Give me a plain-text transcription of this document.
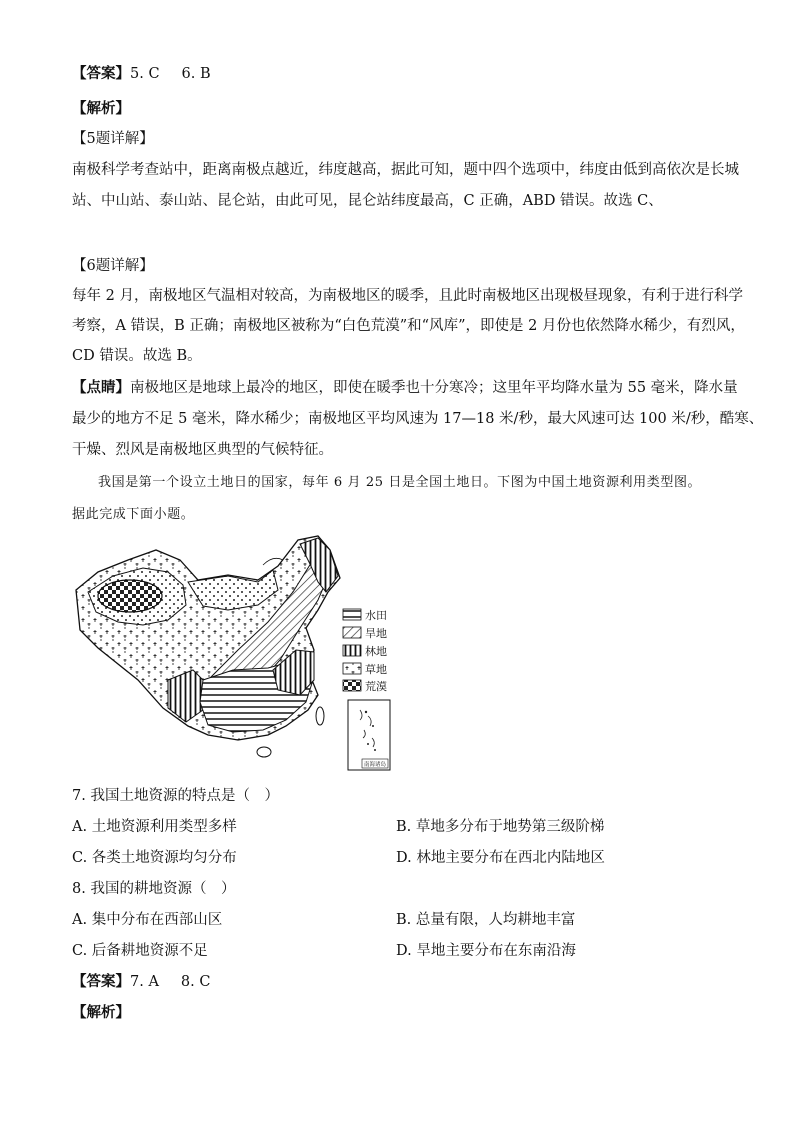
【 答案 】 5. C 6. B
【 解析 】
【 5题详解 】
南极科学考查站中，距离南极点越近，纬度越高，据此可知，题中四个选项中，纬度由低到高依次是长城
站、中山站、泰山站、昆仑站，由此可见，昆仑站纬度最高，C 正确，ABD 错误。故选 C、
【 6题详解 】
每年 2 月，南极地区气温相对较高，为南极地区的暖季，且此时南极地区出现极昼现象，有利于进行科学
考察，A 错误，B 正确；南极地区被称为“白色荒漠”和“风库”，即使是 2 月份也依然降水稀少，有烈风，
CD 错误。故选 B。
【 点睛 】 南极地区是地球上最冷的地区，即使在暖季也十分寒冷；这里年平均降水量为 55 毫米，降水量
最少的地方不足 5 毫米，降水稀少；南极地区平均风速为 17—18 米/秒，最大风速可达 100 米/秒，酷寒、
干燥、烈风是南极地区典型的气候特征。
我国是第一个设立土地日的国家，每年 6 月 25 日是全国土地日。下图为中国土地资源利用类型图。
据此完成下面小题。
水田
旱地
林地
草地
荒漠
南海诸岛
7. 我国土地资源的特点是（　）
A. 土地资源利用类型多样	B. 草地多分布于地势第三级阶梯
C. 各类土地资源均匀分布	D. 林地主要分布在西北内陆地区
8. 我国的耕地资源（　）
A. 集中分布在西部山区	B. 总量有限，人均耕地丰富
C. 后备耕地资源不足	D. 旱地主要分布在东南沿海
【 答案 】 7. A 8. C
【 解析 】
